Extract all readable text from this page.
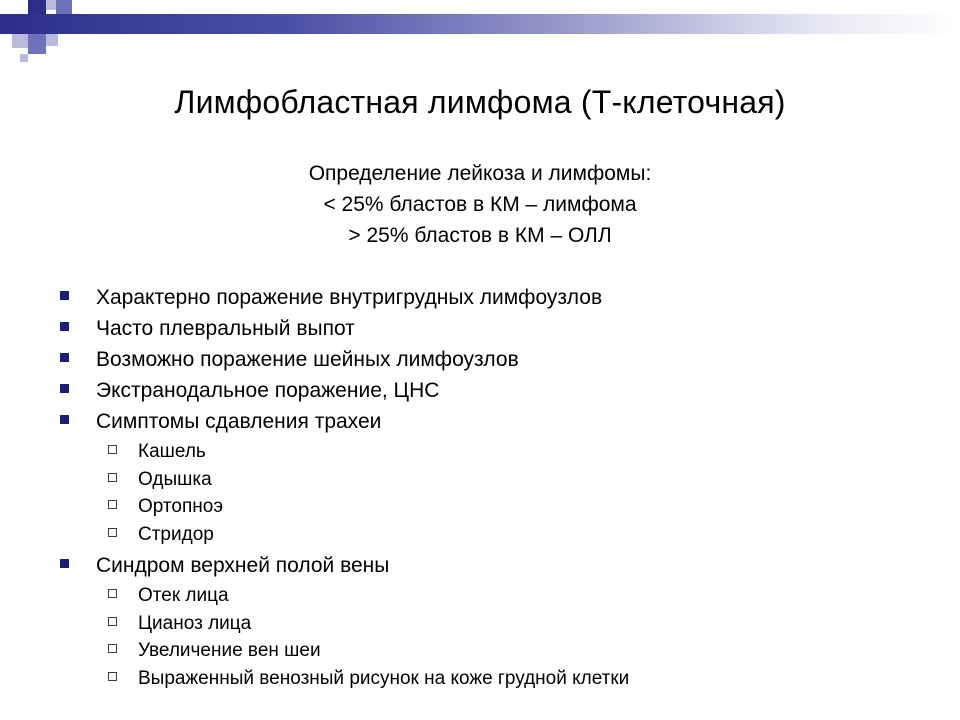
Лимфобластная лимфома (Т-клеточная)
Определение лейкоза и лимфомы:
< 25% бластов в КМ – лимфома
> 25% бластов в КМ – ОЛЛ
Характерно поражение внутригрудных лимфоузлов
Часто плевральный выпот
Возможно поражение шейных лимфоузлов
Экстранодальное поражение, ЦНС
Симптомы сдавления трахеи
Кашель
Одышка
Ортопноэ
Стридор
Синдром верхней полой вены
Отек лица
Цианоз лица
Увеличение вен шеи
Выраженный венозный рисунок на коже грудной клетки
